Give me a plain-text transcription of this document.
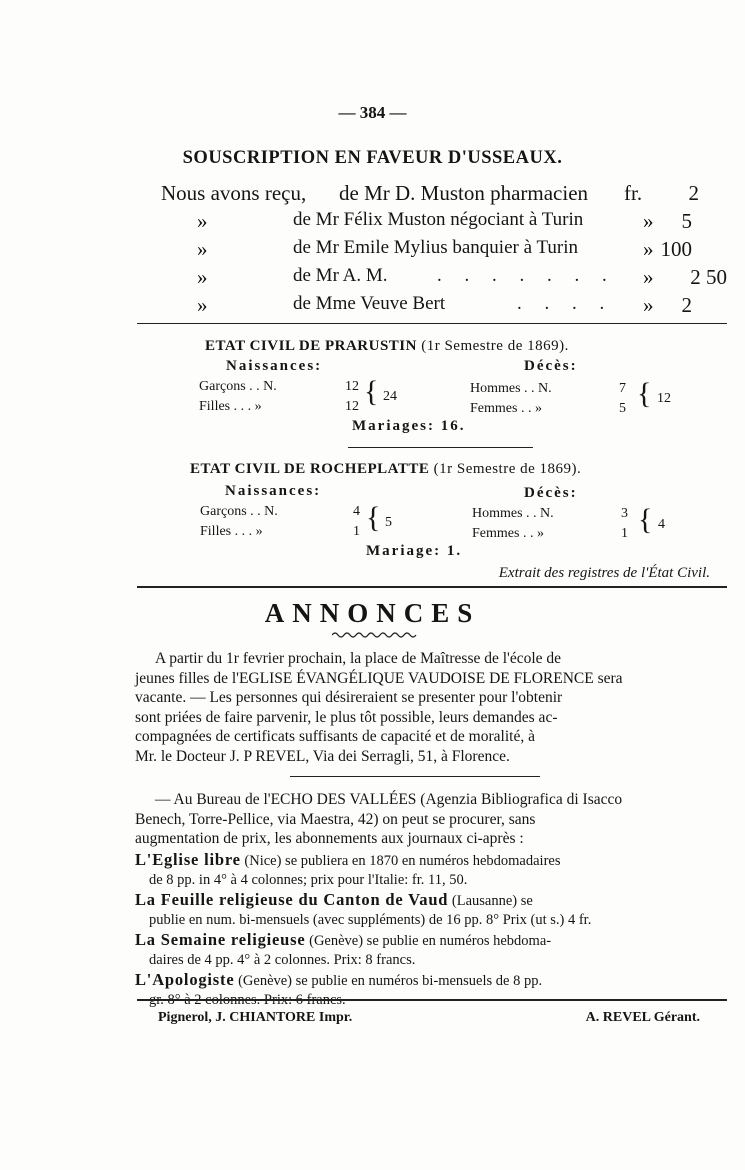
— 384 —
SOUSCRIPTION EN FAVEUR D'USSEAUX.
Nous avons reçu, de Mr D. Muston pharmacien fr.	2
»	de Mr Félix Muston négociant à Turin	»	5
»	de Mr Emile Mylius banquier à Turin	» 100
»	de Mr A. M.	. . . . . . . »	2 50
»	de Mme Veuve Bert	. . . . »	2
ETAT CIVIL DE PRARUSTIN (1r Semestre de 1869).
Naissances:	Décès:
Garçons . . N.	12
Filles . . . »	12 { 24
Hommes . . N.	7
Femmes . . »	5 { 12
Mariages: 16.
ETAT CIVIL DE ROCHEPLATTE (1r Semestre de 1869).
Naissances:	Décès:
Garçons . . N.	4
Filles . . . »	1 { 5
Hommes . . N.	3
Femmes . . »	1 { 4
Mariage: 1.
Extrait des registres de l'État Civil.
ANNONCES
A partir du 1r fevrier prochain, la place de Maîtresse de l'école de
jeunes filles de l'EGLISE ÉVANGÉLIQUE VAUDOISE DE FLORENCE sera
vacante. — Les personnes qui désireraient se presenter pour l'obtenir
sont priées de faire parvenir, le plus tôt possible, leurs demandes ac-
compagnées de certificats suffisants de capacité et de moralité, à
Mr. le Docteur J. P REVEL, Via dei Serragli, 51, à Florence.
— Au Bureau de l'ECHO DES VALLÉES (Agenzia Bibliografica di Isacco
Benech, Torre-Pellice, via Maestra, 42) on peut se procurer, sans
augmentation de prix, les abonnements aux journaux ci-après :
L'Eglise libre (Nice) se publiera en 1870 en numéros hebdomadaires
de 8 pp. in 4° à 4 colonnes; prix pour l'Italie: fr. 11, 50.
La Feuille religieuse du Canton de Vaud (Lausanne) se
publie en num. bi-mensuels (avec suppléments) de 16 pp. 8° Prix (ut s.) 4 fr.
La Semaine religieuse (Genève) se publie en numéros hebdoma-
daires de 4 pp. 4° à 2 colonnes. Prix: 8 francs.
L'Apologiste (Genève) se publie en numéros bi-mensuels de 8 pp.
gr. 8° à 2 colonnes. Prix: 6 francs.
Pignerol, J. CHIANTORE Impr.	A. REVEL Gérant.
